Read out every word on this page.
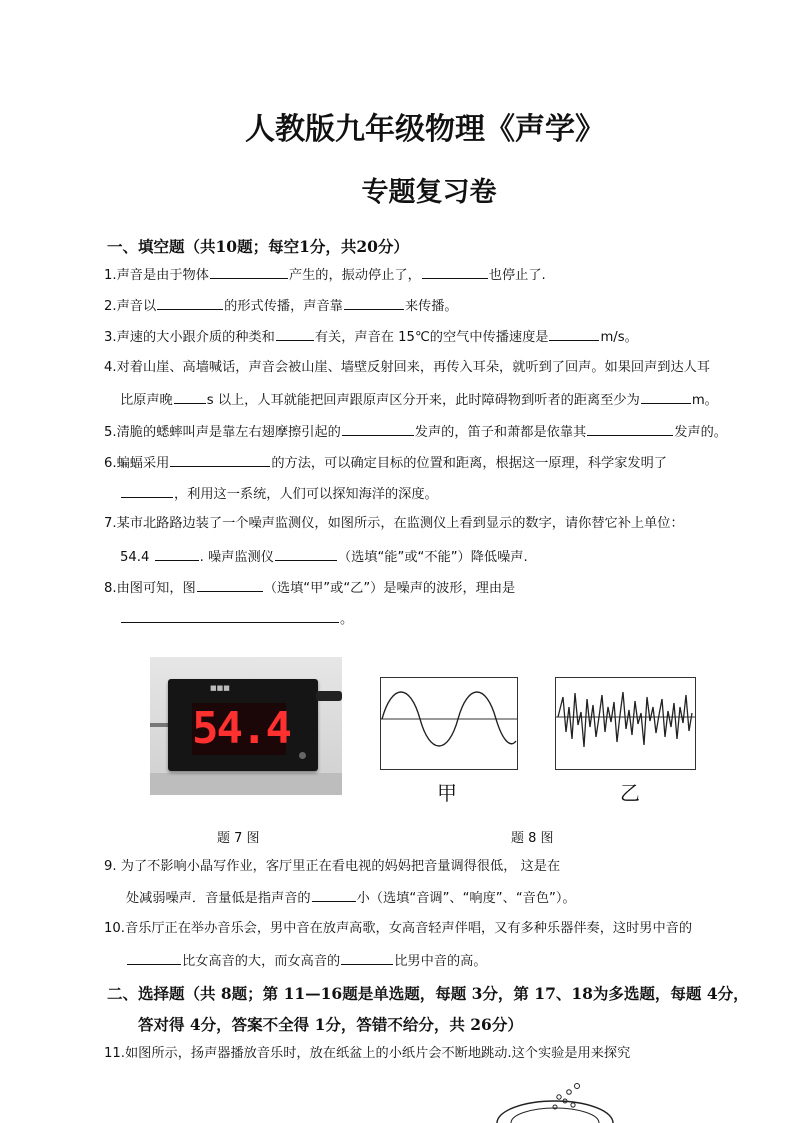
人教版九年级物理《声学》
专题复习卷
一、填空题（共10题；每空1分，共20分）
1.声音是由于物体	产生的，振动停止了，	也停止了.
2.声音以	的形式传播，声音靠	来传播。
3.声速的大小跟介质的种类和	有关，声音在 15℃的空气中传播速度是	m/s。
4.对着山崖、高墙喊话，声音会被山崖、墙壁反射回来，再传入耳朵，就听到了回声。如果回声到达人耳
比原声晚	s 以上，人耳就能把回声跟原声区分开来，此时障碍物到听者的距离至少为	m。
5.清脆的蟋蟀叫声是靠左右翅摩擦引起的	发声的，笛子和萧都是依靠其	发声的。
6.蝙蝠采用	的方法，可以确定目标的位置和距离，根据这一原理，科学家发明了
，利用这一系统，人们可以探知海洋的深度。
7.某市北路路边装了一个噪声监测仪，如图所示，在监测仪上看到显示的数字，请你替它补上单位：
54.4	. 噪声监测仪	（选填“能”或“不能”）降低噪声.
8.由图可知，图	（选填“甲”或“乙”）是噪声的波形，理由是
。
■■■
54.4
甲	乙
题 7 图	题 8 图
9. 为了不影响小晶写作业，客厅里正在看电视的妈妈把音量调得很低， 这是在
处减弱噪声．音量低是指声音的	小（选填“音调”、“响度”、“音色”）。
10.音乐厅正在举办音乐会，男中音在放声高歌，女高音轻声伴唱，又有多种乐器伴奏，这时男中音的
比女高音的大，而女高音的	比男中音的高。
二、选择题（共 8题；第 11—16题是单选题，每题 3分，第 17、18为多选题，每题 4分，
答对得 4分，答案不全得 1分，答错不给分，共 26分）
11.如图所示，扬声器播放音乐时，放在纸盆上的小纸片会不断地跳动.这个实验是用来探究
